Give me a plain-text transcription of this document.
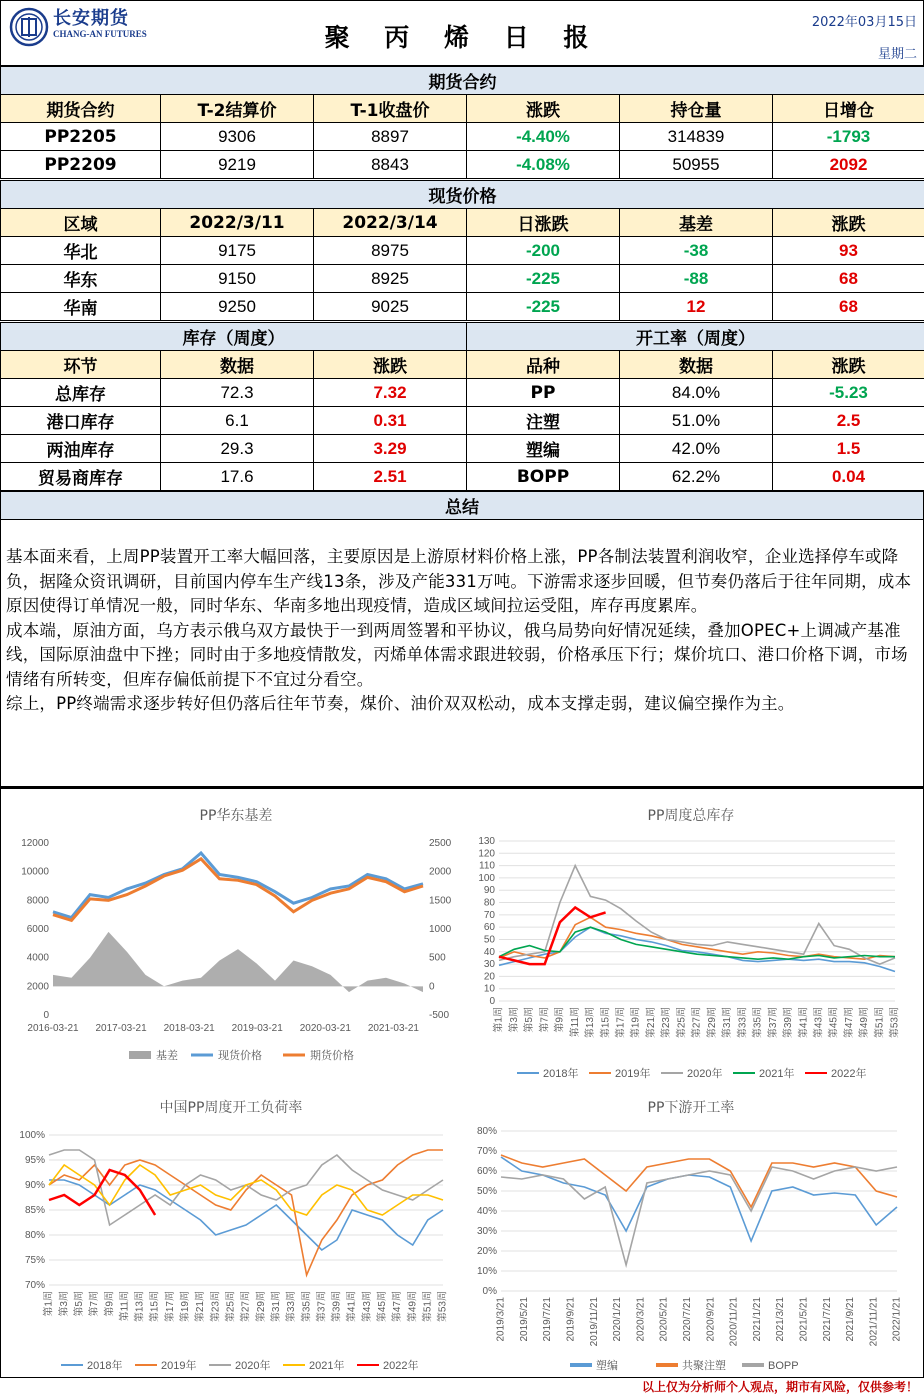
长安期货
CHANG-AN FUTURES	聚 丙 烯 日 报
2022年03月15日
星期二
期货合约					
期货合约	T-2结算价	T-1收盘价	涨跌	持仓量	日增仓
PP2205	9306	8897	-4.40%	314839	-1793
PP2209	9219	8843	-4.08%	50955	2092
现货价格					
区域	2022/3/11	2022/3/14	日涨跌	基差	涨跌
华北	9175	8975	-200	-38	93
华东	9150	8925	-225	-88	68
华南	9250	9025	-225	12	68
库存（周度）			开工率（周度）		
环节	数据	涨跌	品种	数据	涨跌
总库存	72.3	7.32	PP	84.0%	-5.23
港口库存	6.1	0.31	注塑	51.0%	2.5
两油库存	29.3	3.29	塑编	42.0%	1.5
贸易商库存	17.6	2.51	BOPP	62.2%	0.04
总结

基本面来看，上周PP装置开工率大幅回落，主要原因是上游原材料价格上涨，PP各制法装置利润收窄，企业选择停车或降负，据隆众资讯调研，目前国内停车生产线13条，涉及产能331万吨。下游需求逐步回暖，但节奏仍落后于往年同期，成本原因使得订单情况一般，同时华东、华南多地出现疫情，造成区域间拉运受阻，库存再度累库。

成本端，原油方面，乌方表示俄乌双方最快于一到两周签署和平协议，俄乌局势向好情况延续，叠加OPEC+上调减产基准线，国际原油盘中下挫；同时由于多地疫情散发，丙烯单体需求跟进较弱，价格承压下行；煤价坑口、港口价格下调，市场情绪有所转变，但库存偏低前提下不宜过分看空。

综上，PP终端需求逐步转好但仍落后往年节奏，煤价、油价双双松动，成本支撑走弱，建议偏空操作为主。

PP华东基差	PP周度总库存
中国PP周度开工负荷率	PP下游开工率
0
2000
4000
6000
8000
10000
12000
-500
0
500
1000
1500
2000
2500
2016-03-21 2017-03-21 2018-03-21 2019-03-21 2020-03-21 2021-03-21
基差	现货价格	期货价格
0
10
20
30
40
50
60
70
80
90
100
110
120
130
第1周 第3周 第5周 第7周 第9周 第11周 第13周 第15周 第17周 第19周 第21周 第23周 第25周 第27周 第29周 第31周 第33周 第35周 第37周 第39周 第41周 第43周 第45周 第47周 第49周 第51周 第53周
2018年	2019年	2020年	2021年	2022年
70%
75%
80%
85%
90%
95%
100%
第1周 第3周 第5周 第7周 第9周 第11周 第13周 第15周 第17周 第19周 第21周 第23周 第25周 第27周 第29周 第31周 第33周 第35周 第37周 第39周 第41周 第43周 第45周 第47周 第49周 第51周 第53周
2018年	2019年	2020年	2021年	2022年
0%
10%
20%
30%
40%
50%
60%
70%
80%
2019/3/21 2019/5/21 2019/7/21 2019/9/21 2019/11/21 2020/1/21 2020/3/21 2020/5/21 2020/7/21 2020/9/21 2020/11/21 2021/1/21 2021/3/21 2021/5/21 2021/7/21 2021/9/21 2021/11/21 2022/1/21
塑编	共聚注塑	BOPP
以上仅为分析师个人观点，期市有风险，仅供参考！
